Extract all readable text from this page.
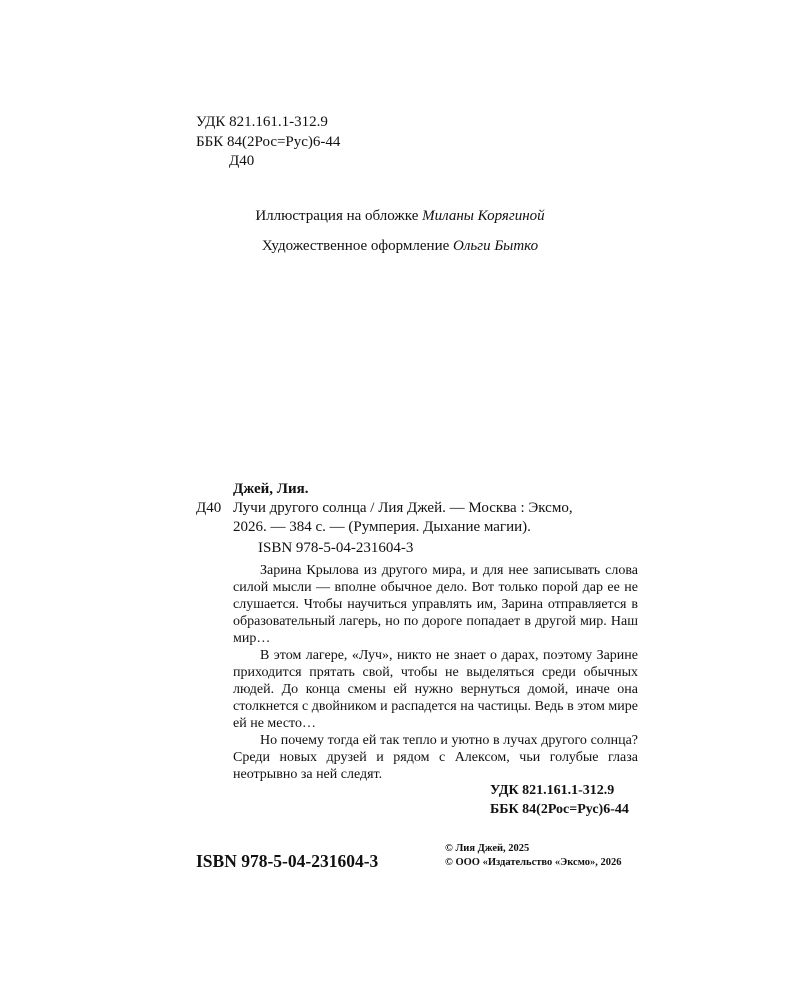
УДК 821.161.1-312.9
ББК 84(2Рос=Рус)6-44
Д40
Иллюстрация на обложке Миланы Корягиной
Художественное оформление Ольги Бытко
Джей, Лия.
Д40 Лучи другого солнца / Лия Джей. — Москва : Эксмо,
2026. — 384 с. — (Румперия. Дыхание магии).
ISBN 978-5-04-231604-3

Зарина Крылова из другого мира, и для нее записывать слова силой мысли — вполне обычное дело. Вот только порой дар ее не слушается. Чтобы научиться управлять им, Зарина отправляется в образовательный лагерь, но по дороге попадает в другой мир. Наш мир…

В этом лагере, «Луч», никто не знает о дарах, поэтому Зарине приходится прятать свой, чтобы не выделяться среди обычных людей. До конца смены ей нужно вернуться домой, иначе она столкнется с двойником и распадется на частицы. Ведь в этом мире ей не место…

Но почему тогда ей так тепло и уютно в лучах другого солнца? Среди новых друзей и рядом с Алексом, чьи голубые глаза неотрывно за ней следят.

УДК 821.161.1-312.9
ББК 84(2Рос=Рус)6-44
ISBN 978-5-04-231604-3
© Лия Джей, 2025
© ООО «Издательство «Эксмо», 2026
